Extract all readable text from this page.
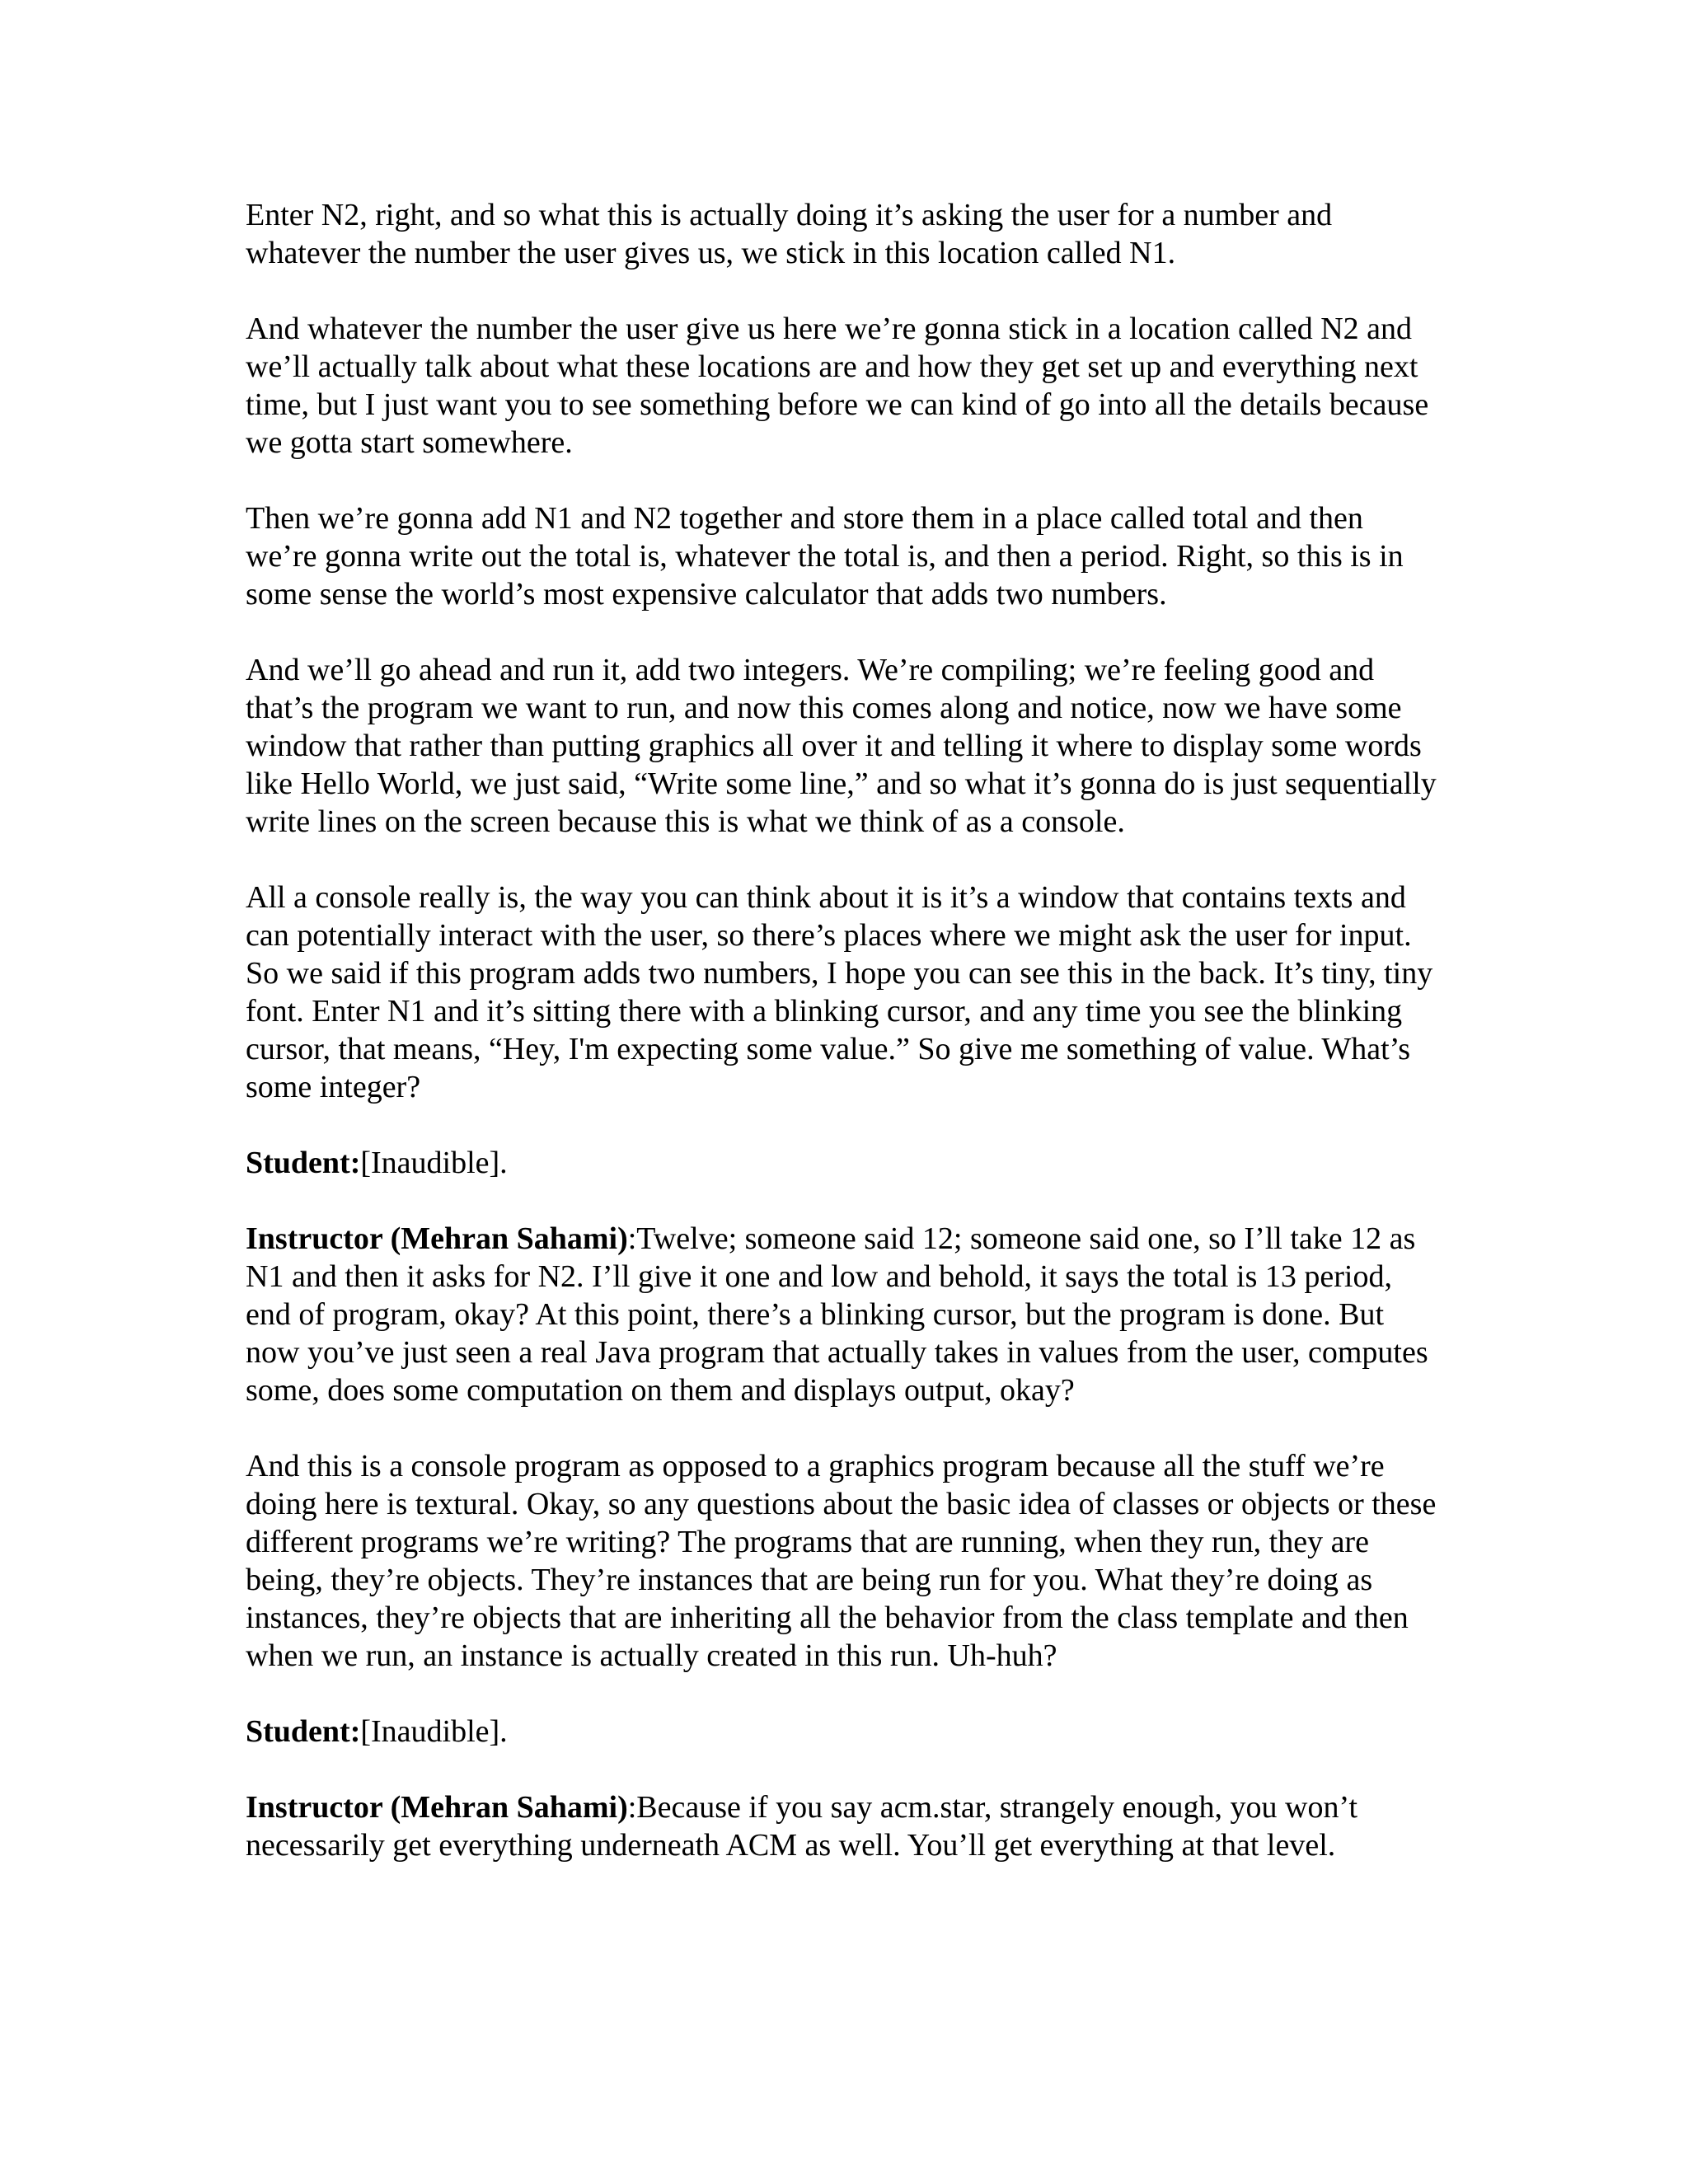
Enter N2, right, and so what this is actually doing it’s asking the user for a number and whatever the number the user gives us, we stick in this location called N1.

And whatever the number the user give us here we’re gonna stick in a location called N2 and we’ll actually talk about what these locations are and how they get set up and everything next time, but I just want you to see something before we can kind of go into all the details because we gotta start somewhere.

Then we’re gonna add N1 and N2 together and store them in a place called total and then we’re gonna write out the total is, whatever the total is, and then a period. Right, so this is in some sense the world’s most expensive calculator that adds two numbers.

And we’ll go ahead and run it, add two integers. We’re compiling; we’re feeling good and that’s the program we want to run, and now this comes along and notice, now we have some window that rather than putting graphics all over it and telling it where to display some words like Hello World, we just said, “Write some line,” and so what it’s gonna do is just sequentially write lines on the screen because this is what we think of as a console.

All a console really is, the way you can think about it is it’s a window that contains texts and can potentially interact with the user, so there’s places where we might ask the user for input. So we said if this program adds two numbers, I hope you can see this in the back. It’s tiny, tiny font. Enter N1 and it’s sitting there with a blinking cursor, and any time you see the blinking cursor, that means, “Hey, I'm expecting some value.” So give me something of value. What’s some integer?

Student:[Inaudible].

Instructor (Mehran Sahami):Twelve; someone said 12; someone said one, so I’ll take 12 as N1 and then it asks for N2. I’ll give it one and low and behold, it says the total is 13 period, end of program, okay? At this point, there’s a blinking cursor, but the program is done. But now you’ve just seen a real Java program that actually takes in values from the user, computes some, does some computation on them and displays output, okay?

And this is a console program as opposed to a graphics program because all the stuff we’re doing here is textural. Okay, so any questions about the basic idea of classes or objects or these different programs we’re writing? The programs that are running, when they run, they are being, they’re objects. They’re instances that are being run for you. What they’re doing as instances, they’re objects that are inheriting all the behavior from the class template and then when we run, an instance is actually created in this run. Uh-huh?

Student:[Inaudible].

Instructor (Mehran Sahami):Because if you say acm.star, strangely enough, you won’t necessarily get everything underneath ACM as well. You’ll get everything at that level.
